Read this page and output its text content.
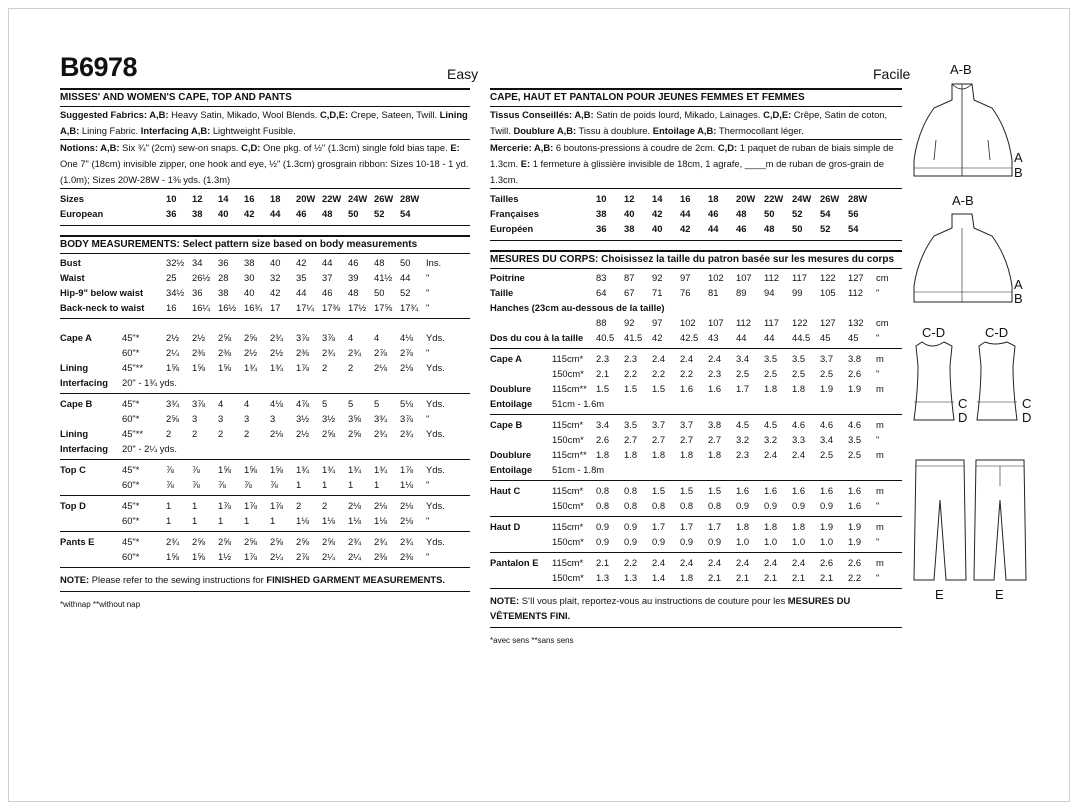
B6978	Easy	Facile
MISSES' AND WOMEN'S CAPE, TOP AND PANTS
Suggested Fabrics: A,B: Heavy Satin, Mikado, Wool Blends. C,D,E: Crepe, Sateen, Twill. Lining A,B: Lining Fabric. Interfacing A,B: Lightweight Fusible.
Notions: A,B: Six ¾" (2cm) sew-on snaps. C,D: One pkg. of ½" (1.3cm) single fold bias tape. E: One 7" (18cm) invisible zipper, one hook and eye, ½" (1.3cm) grosgrain ribbon: Sizes 10-18 - 1 yd. (1.0m); Sizes 20W-28W - 1⅜ yds. (1.3m)
Sizes	10	12	14	16	18	20W 22W 24W 26W 28W
European	36	38	40	42	44	46	48	50	52	54
BODY MEASUREMENTS: Select pattern size based on body measurements
Bust	32½ 34	36	38	40	42	44	46	48	50	Ins.
Waist	25	26½ 28	30	32	35	37	39	41½ 44	"
Hip-9" below waist	34½ 36	38	40	42	44	46	48	50	52	"
Back-neck to waist	16	16¼ 16½ 16¾ 17	17¼ 17⅜ 17½ 17⅝ 17¾ "
Cape A	45"*	2½	2½	2⅝	2⅝	2¾	3⅞	3⅞	4	4	4⅛	Yds.
60"*	2¼	2⅜	2⅜	2½	2½	2⅜	2¾	2¾	2⅞	2⅞	"
Lining	45"**	1⅝	1⅝	1⅝	1¾	1¾	1⅞	2	2	2⅛	2⅛	Yds.
Interfacing	20" - 1¾ yds.
Cape B	45"*	3¾	3⅞	4	4	4⅛	4⅞	5	5	5	5⅛	Yds.
60"*	2⅝	3	3	3	3	3½	3½	3⅝	3¾	3⅞	"
Lining	45"**	2	2	2	2	2⅛	2½	2⅝	2⅝	2¾	2¾	Yds.
Interfacing	20" - 2¼ yds.
Top C	45"*	⅞	⅞	1⅝	1⅝	1⅝	1¾	1¾	1¾	1¾	1⅞	Yds.
60"*	⅞	⅞	⅞	⅞	⅞	1	1	1	1	1⅛	"
Top D	45"*	1	1	1⅞	1⅞	1⅞	2	2	2⅛	2⅛	2⅛	Yds.
60"*	1	1	1	1	1	1⅛	1⅛	1⅛	1⅛	2⅛	"
Pants E	45"*	2¾	2⅝	2⅝	2⅝	2⅝	2⅝	2⅝	2¾	2¾	2¾	Yds.
60"*	1⅝	1⅝	1½	1⅞	2¼	2⅞	2¼	2¼	2⅜	2⅜	"
NOTE: Please refer to the sewing instructions for FINISHED GARMENT MEASUREMENTS.
*withnap **without nap
CAPE, HAUT ET PANTALON POUR JEUNES FEMMES ET FEMMES
Tissus Conseillés: A,B: Satin de poids lourd, Mikado, Lainages. C,D,E: Crêpe, Satin de coton, Twill. Doublure A,B: Tissu à doublure. Entoilage A,B: Thermocollant léger.
Mercerie: A,B: 6 boutons-pressions à coudre de 2cm. C,D: 1 paquet de ruban de biais simple de 1.3cm. E: 1 fermeture à glissière invisible de 18cm, 1 agrafe, ____m de ruban de gros-grain de 1.3cm.
Tailles	10	12	14	16	18	20W 22W 24W 26W 28W
Françaises	38	40	42	44	46	48	50	52	54	56
Européen	36	38	40	42	44	46	48	50	52	54
MESURES DU CORPS: Choisissez la taille du patron basée sur les mesures du corps
Poitrine	83	87	92	97	102	107	112	117	122	127	cm
Taille	64	67	71	76	81	89	94	99	105	112	"
Hanches (23cm au-dessous de la taille)
88	92	97	102	107	112	117	122	127	132	cm
Dos du cou à la taille	40.5	41.5	42	42.5	43	44	44	44.5	45	45	"
Cape A	115cm*	2.3	2.3	2.4	2.4	2.4	3.4	3.5	3.5	3.7	3.8	m
150cm*	2.1	2.2	2.2	2.2	2.3	2.5	2.5	2.5	2.5	2.6	"
Doublure	115cm** 1.5	1.5	1.5	1.6	1.6	1.7	1.8	1.8	1.9	1.9	m
Entoilage	51cm - 1.6m
Cape B	115cm*	3.4	3.5	3.7	3.7	3.8	4.5	4.5	4.6	4.6	4.6	m
150cm*	2.6	2.7	2.7	2.7	2.7	3.2	3.2	3.3	3.4	3.5	"
Doublure	115cm** 1.8	1.8	1.8	1.8	1.8	2.3	2.4	2.4	2.5	2.5	m
Entoilage	51cm - 1.8m
Haut C	115cm*	0.8	0.8	1.5	1.5	1.5	1.6	1.6	1.6	1.6	1.6	m
150cm*	0.8	0.8	0.8	0.8	0.8	0.9	0.9	0.9	0.9	1.6	"
Haut D	115cm*	0.9	0.9	1.7	1.7	1.7	1.8	1.8	1.8	1.9	1.9	m
150cm*	0.9	0.9	0.9	0.9	0.9	1.0	1.0	1.0	1.0	1.9	"
Pantalon E	115cm*	2.1	2.2	2.4	2.4	2.4	2.4	2.4	2.4	2.6	2.6	m
150cm*	1.3	1.3	1.4	1.8	2.1	2.1	2.1	2.1	2.1	2.2	"
NOTE: S'Il vous plait, reportez-vous au instructions de couture pour les MESURES DU VÊTEMENTS FINI.
*avec sens **sans sens
A-B
A
B
A-B
A
B
C-D	C-D
C
D
C
D
E	E
